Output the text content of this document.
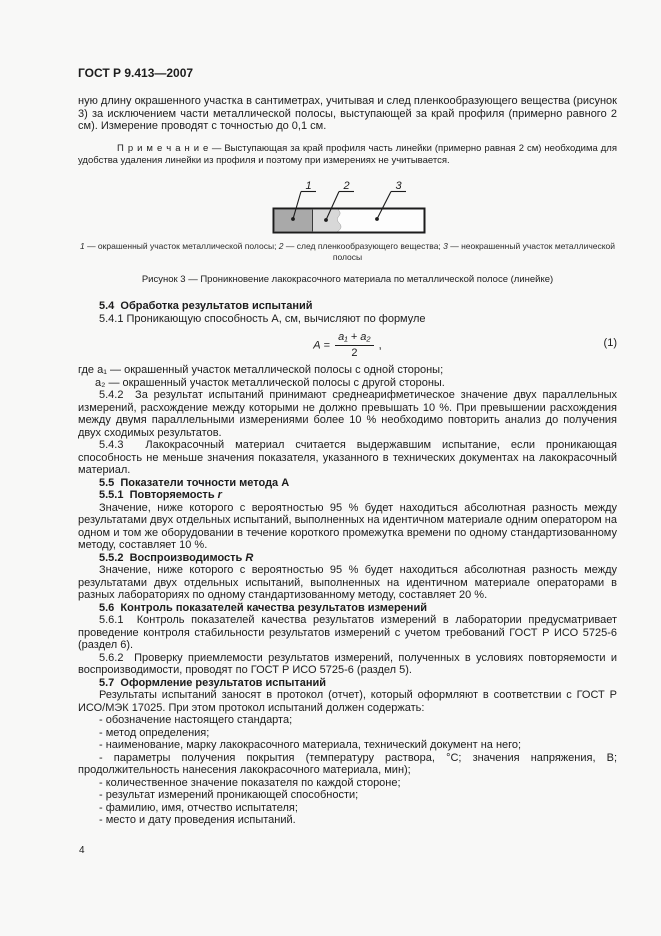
ГОСТ Р 9.413—2007

ную длину окрашенного участка в сантиметрах, учитывая и след пленкообразующего вещества (рисунок 3) за исключением части металлической полосы, выступающей за край профиля (примерно равного 2 см). Измерение проводят с точностью до 0,1 см.

П р и м е ч а н и е — Выступающая за край профиля часть линейки (примерно равная 2 см) необходима для удобства удаления линейки из профиля и поэтому при измерениях не учитывается.

1	2	3
1 — окрашенный участок металлической полосы; 2 — след пленкообразующего вещества; 3 — неокрашенный участок металлической полосы
Рисунок 3 — Проникновение лакокрасочного материала по металлической полосе (линейке)

5.4  Обработка результатов испытаний

5.4.1 Проникающую способность А, см, вычисляют по формуле

$A = \frac{\text{a₁ + a₂}}{2}$ ,	(1)

где a₁ — окрашенный участок металлической полосы с одной стороны;

a₂ — окрашенный участок металлической полосы с другой стороны.

5.4.2  За результат испытаний принимают среднеарифметическое значение двух параллельных измерений, расхождение между которыми не должно превышать 10 %. При превышении расхождения между двумя параллельными измерениями более 10 % необходимо повторить анализ до получения двух сходимых результатов.

5.4.3  Лакокрасочный материал считается выдержавшим испытание, если проникающая способность не меньше значения показателя, указанного в технических документах на лакокрасочный материал.

5.5  Показатели точности метода А

5.5.1  Повторяемость r

Значение, ниже которого с вероятностью 95 % будет находиться абсолютная разность между результатами двух отдельных испытаний, выполненных на идентичном материале одним оператором на одном и том же оборудовании в течение короткого промежутка времени по одному стандартизованному методу, составляет 10 %.

5.5.2  Воспроизводимость R

Значение, ниже которого с вероятностью 95 % будет находиться абсолютная разность между результатами двух отдельных испытаний, выполненных на идентичном материале операторами в разных лабораториях по одному стандартизованному методу, составляет 20 %.

5.6  Контроль показателей качества результатов измерений

5.6.1  Контроль показателей качества результатов измерений в лаборатории предусматривает проведение контроля стабильности результатов измерений с учетом требований ГОСТ Р ИСО 5725-6 (раздел 6).

5.6.2  Проверку приемлемости результатов измерений, полученных в условиях повторяемости и воспроизводимости, проводят по ГОСТ Р ИСО 5725-6 (раздел 5).

5.7  Оформление результатов испытаний

Результаты испытаний заносят в протокол (отчет), который оформляют в соответствии с ГОСТ Р ИСО/МЭК 17025. При этом протокол испытаний должен содержать:

- обозначение настоящего стандарта;

- метод определения;

- наименование, марку лакокрасочного материала, технический документ на него;

- параметры получения покрытия (температуру раствора, °С; значения напряжения, В; продолжительность нанесения лакокрасочного материала, мин);

- количественное значение показателя по каждой стороне;

- результат измерений проникающей способности;

- фамилию, имя, отчество испытателя;

- место и дату проведения испытаний.

4
